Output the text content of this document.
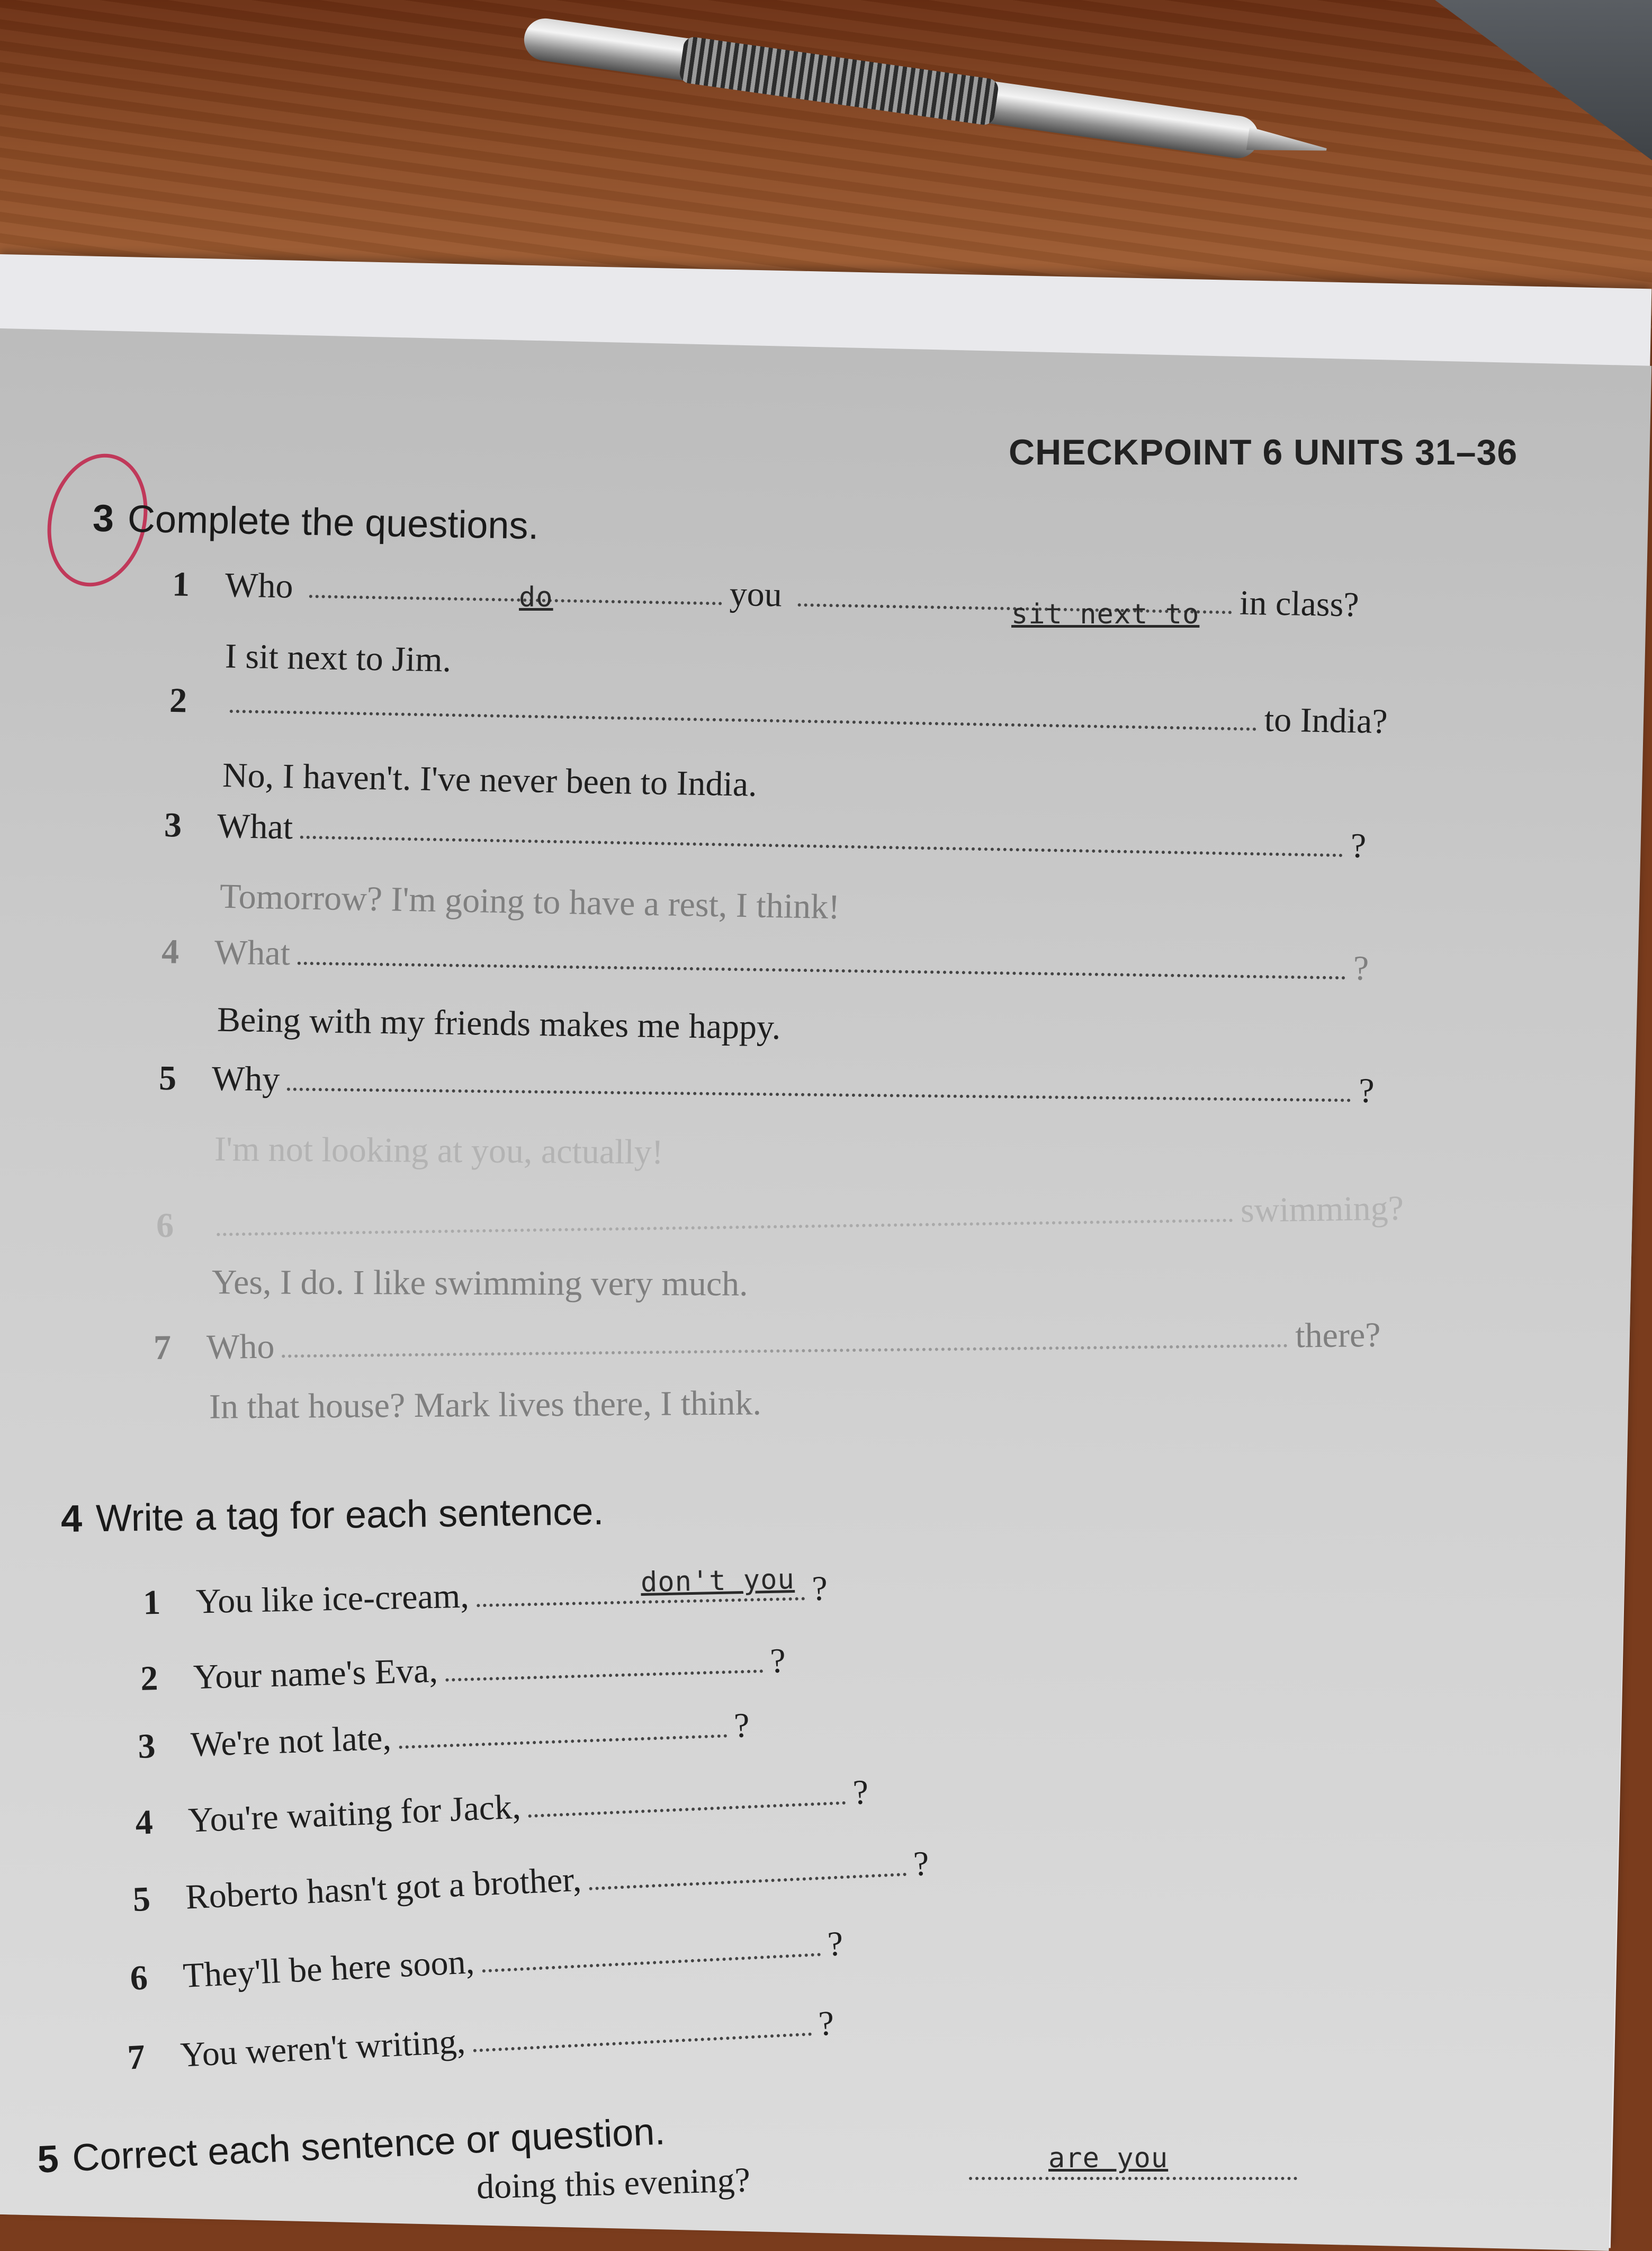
CHECKPOINT 6 UNITS 31–36
3 Complete the questions.
1 Who	you	in class?
do
sit next to
I sit next to Jim.
2	to India?
No, I haven't. I've never been to India.
3 What	?
Tomorrow? I'm going to have a rest, I think!
4 What	?
Being with my friends makes me happy.
5 Why	?
I'm not looking at you, actually!
6	swimming?
Yes, I do. I like swimming very much.
7 Who	there?
In that house? Mark lives there, I think.
4 Write a tag for each sentence.
1 You like ice-cream,	?
don't you
2 Your name's Eva,	?
3 We're not late,	?
4 You're waiting for Jack,	?
5 Roberto hasn't got a brother,	?
6 They'll be here soon,	?
7 You weren't writing,	?
5 Correct each sentence or question.
doing this evening?
are you
